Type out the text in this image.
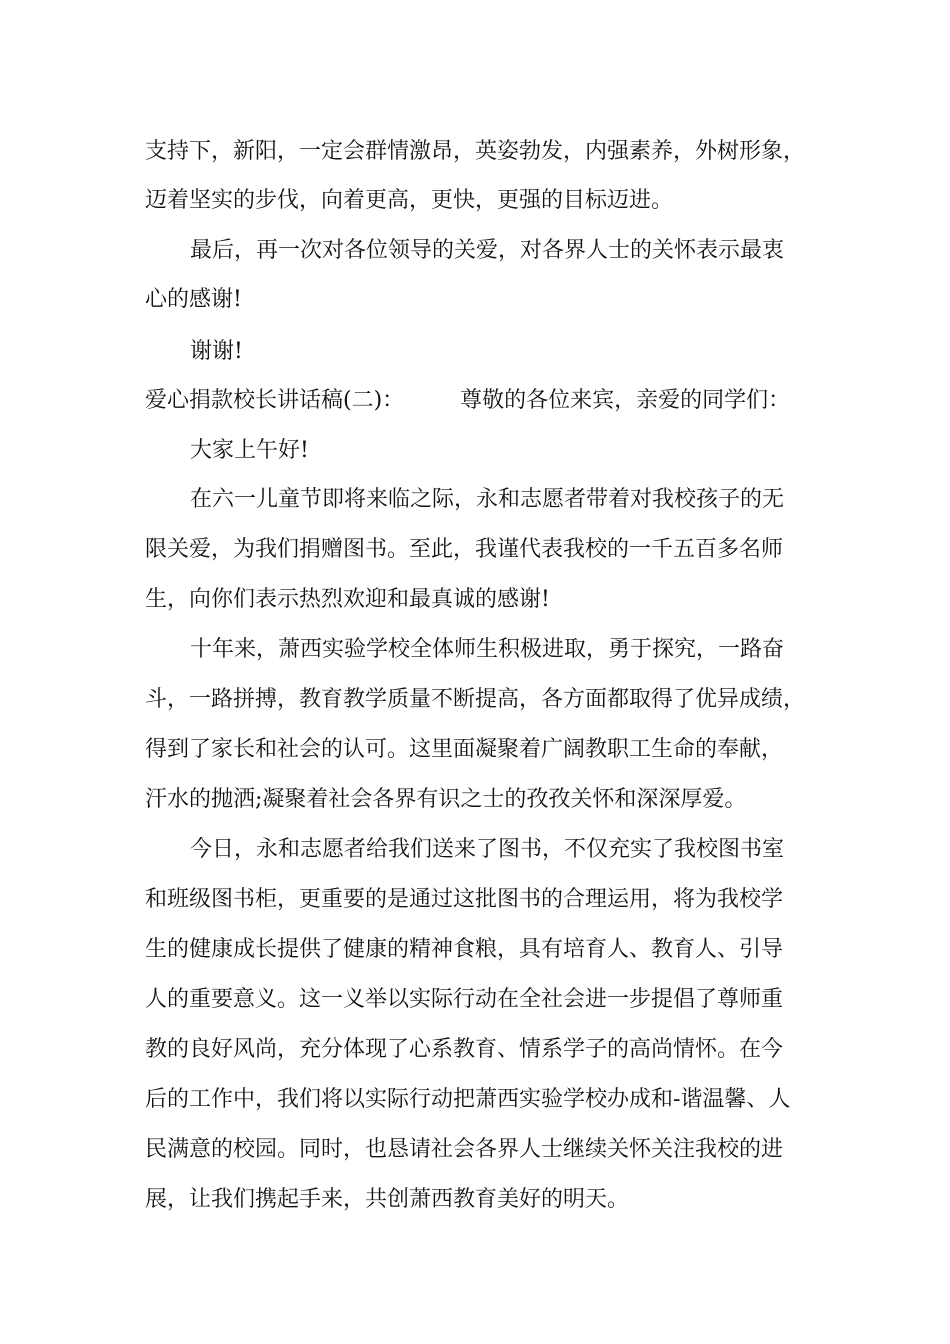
支持下，新阳，一定会群情激昂，英姿勃发，内强素养，外树形象，

迈着坚实的步伐，向着更高，更快，更强的目标迈进。

最后，再一次对各位领导的关爱，对各界人士的关怀表示最衷

心的感谢!

谢谢!

爱心捐款校长讲话稿(二)：	尊敬的各位来宾，亲爱的同学们：

大家上午好!

在六一儿童节即将来临之际，永和志愿者带着对我校孩子的无

限关爱，为我们捐赠图书。至此，我谨代表我校的一千五百多名师

生，向你们表示热烈欢迎和最真诚的感谢!

十年来，萧西实验学校全体师生积极进取，勇于探究，一路奋

斗，一路拼搏，教育教学质量不断提高，各方面都取得了优异成绩，

得到了家长和社会的认可。这里面凝聚着广阔教职工生命的奉献，

汗水的抛洒;凝聚着社会各界有识之士的孜孜关怀和深深厚爱。

今日，永和志愿者给我们送来了图书，不仅充实了我校图书室

和班级图书柜，更重要的是通过这批图书的合理运用，将为我校学

生的健康成长提供了健康的精神食粮，具有培育人、教育人、引导

人的重要意义。这一义举以实际行动在全社会进一步提倡了尊师重

教的良好风尚，充分体现了心系教育、情系学子的高尚情怀。在今

后的工作中，我们将以实际行动把萧西实验学校办成和-谐温馨、人

民满意的校园。同时，也恳请社会各界人士继续关怀关注我校的进

展，让我们携起手来，共创萧西教育美好的明天。
